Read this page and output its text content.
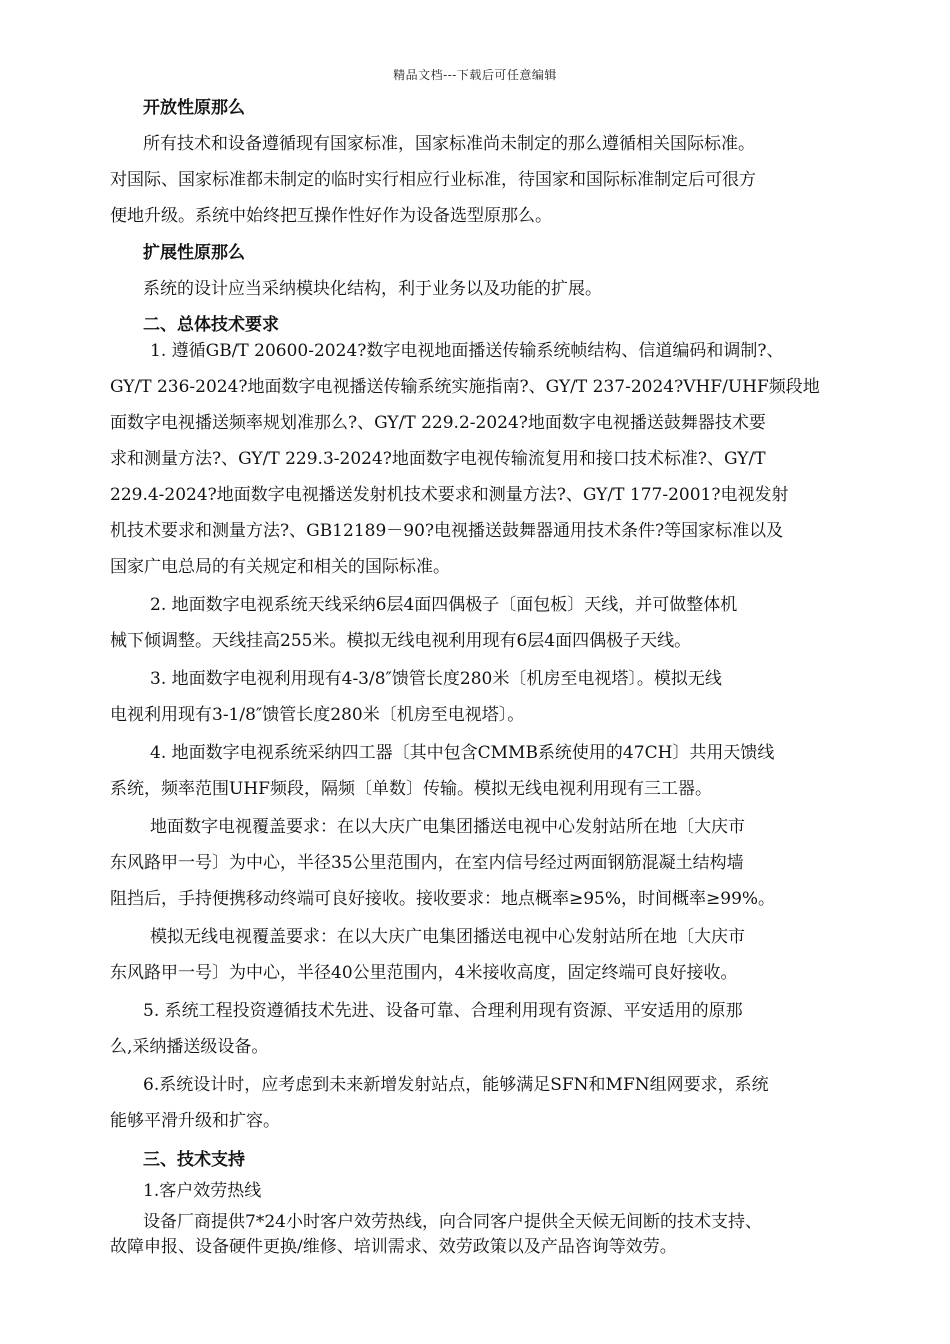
精品文档---下载后可任意编辑
开放性原那么
所有技术和设备遵循现有国家标准，国家标准尚未制定的那么遵循相关国际标准。
对国际、国家标准都未制定的临时实行相应行业标准，待国家和国际标准制定后可很方
便地升级。系统中始终把互操作性好作为设备选型原那么。
扩展性原那么
系统的设计应当采纳模块化结构，利于业务以及功能的扩展。
二、总体技术要求
1. 遵循GB/T 20600-2024?数字电视地面播送传输系统帧结构、信道编码和调制?、
GY/T 236-2024?地面数字电视播送传输系统实施指南?、GY/T 237-2024?VHF/UHF频段地
面数字电视播送频率规划准那么?、GY/T 229.2-2024?地面数字电视播送鼓舞器技术要
求和测量方法?、GY/T 229.3-2024?地面数字电视传输流复用和接口技术标准?、GY/T
229.4-2024?地面数字电视播送发射机技术要求和测量方法?、GY/T 177-2001?电视发射
机技术要求和测量方法?、GB12189－90?电视播送鼓舞器通用技术条件?等国家标准以及
国家广电总局的有关规定和相关的国际标准。
2. 地面数字电视系统天线采纳6层4面四偶极子〔面包板〕天线，并可做整体机
械下倾调整。天线挂高255米。模拟无线电视利用现有6层4面四偶极子天线。
3. 地面数字电视利用现有4-3/8″馈管长度280米〔机房至电视塔〕。模拟无线
电视利用现有3-1/8″馈管长度280米〔机房至电视塔〕。
4. 地面数字电视系统采纳四工器〔其中包含CMMB系统使用的47CH〕共用天馈线
系统，频率范围UHF频段，隔频〔单数〕传输。模拟无线电视利用现有三工器。
地面数字电视覆盖要求：在以大庆广电集团播送电视中心发射站所在地〔大庆市
东风路甲一号〕为中心，半径35公里范围内，在室内信号经过两面钢筋混凝土结构墙
阻挡后，手持便携移动终端可良好接收。接收要求：地点概率≥95%，时间概率≥99%。
模拟无线电视覆盖要求：在以大庆广电集团播送电视中心发射站所在地〔大庆市
东风路甲一号〕为中心，半径40公里范围内，4米接收高度，固定终端可良好接收。
5. 系统工程投资遵循技术先进、设备可靠、合理利用现有资源、平安适用的原那
么,采纳播送级设备。
6.系统设计时，应考虑到未来新增发射站点，能够满足SFN和MFN组网要求，系统
能够平滑升级和扩容。
三、技术支持
1.客户效劳热线
设备厂商提供7*24小时客户效劳热线，向合同客户提供全天候无间断的技术支持、
故障申报、设备硬件更换/维修、培训需求、效劳政策以及产品咨询等效劳。
